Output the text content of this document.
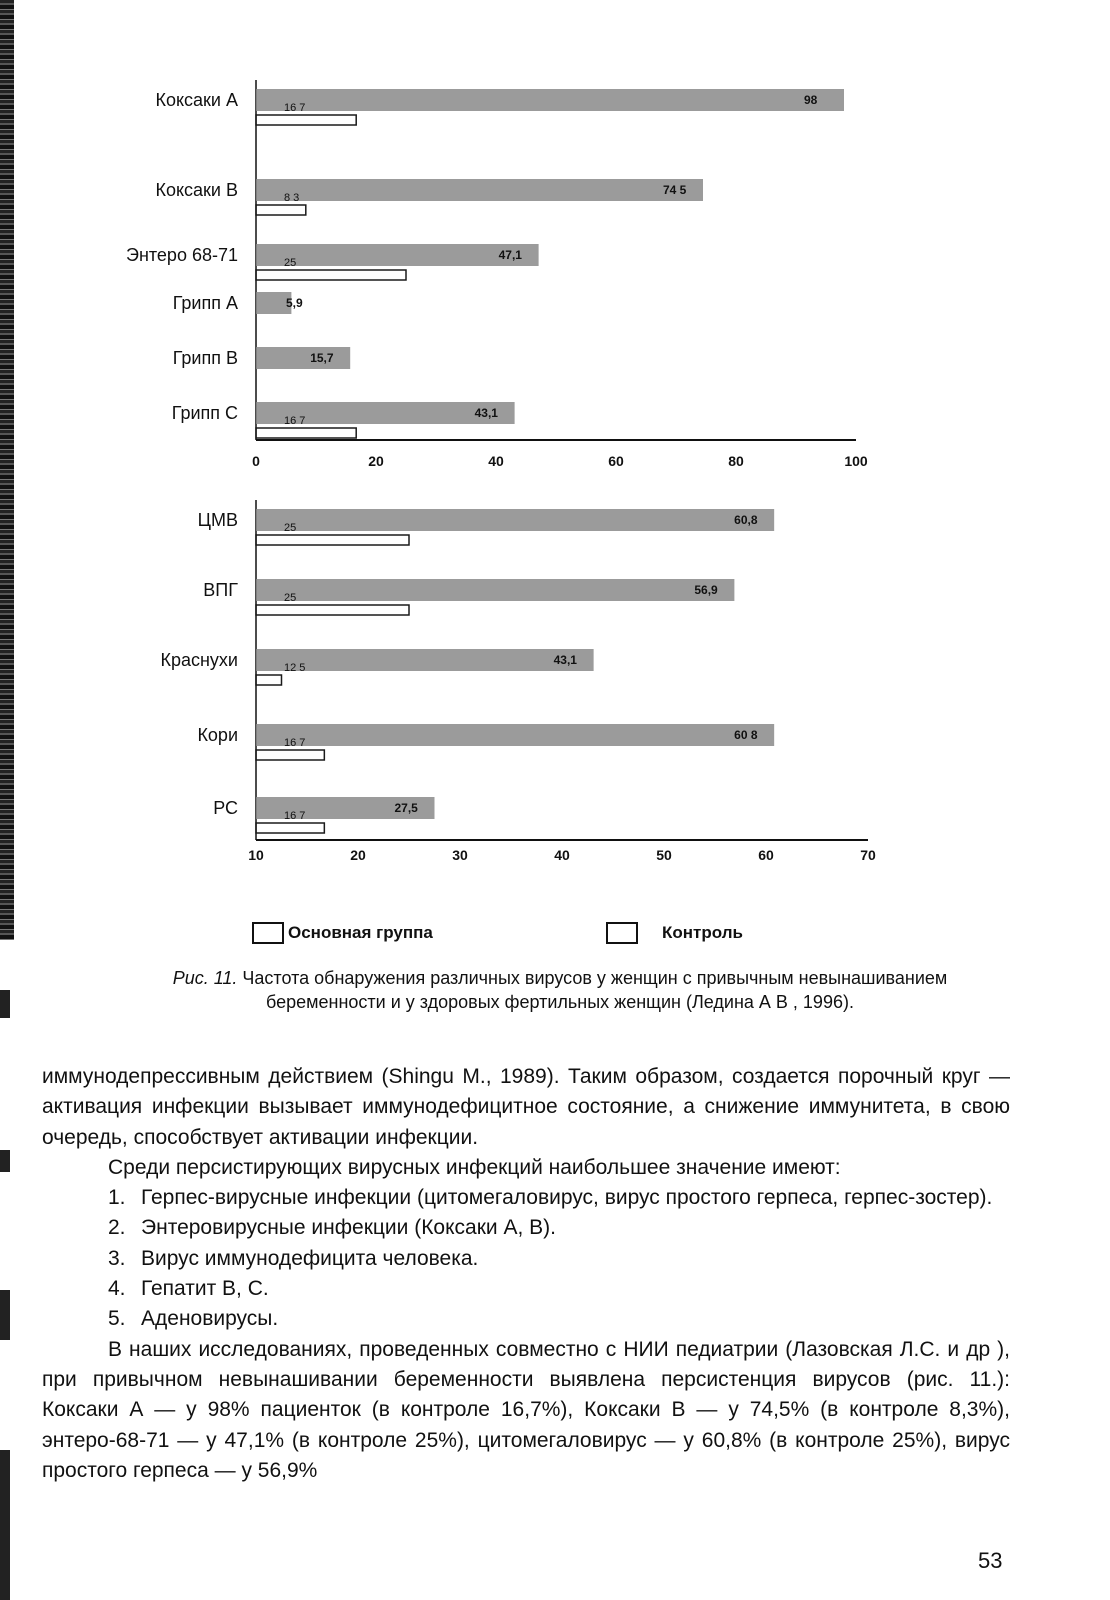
0	20	40	60	80	100
Коксаки А	98
16 7
Коксаки В	74 5
8 3
Энтеро 68-71	47,1
25
Грипп А	5,9
Грипп В	15,7
Грипп С	43,1
16 7
10	20	30	40	50	60	70
ЦМВ	60,8
25
ВПГ	56,9
25
Краснухи	43,1
12 5
Кори	60 8
16 7
РС	27,5
16 7
Основная группа	Контроль
Рис. 11. Частота обнаружения различных вирусов у женщин с привычным невынашиванием беременности и у здоровых фертильных женщин (Ледина А В , 1996).

иммунодепрессивным действием (Shingu M., 1989). Таким образом, создается порочный круг — активация инфекции вызывает иммунодефицитное состояние, а снижение иммунитета, в свою очередь, способствует активации инфекции.

Среди персистирующих вирусных инфекций наибольшее значение имеют:

1. Герпес-вирусные инфекции (цитомегаловирус, вирус простого герпеса, герпес-зостер).
2. Энтеровирусные инфекции (Коксаки А, В).
3. Вирус иммунодефицита человека.
4. Гепатит В, С.
5. Аденовирусы.

В наших исследованиях, проведенных совместно с НИИ педиатрии (Лазовская Л.С. и др ), при привычном невынашивании беременности выявлена персистенция вирусов (рис. 11.): Коксаки А — у 98% пациенток (в контроле 16,7%), Коксаки В — у 74,5% (в контроле 8,3%), энтеро-68-71 — у 47,1% (в контроле 25%), цитомегаловирус — у 60,8% (в контроле 25%), вирус простого герпеса — у 56,9%

53
